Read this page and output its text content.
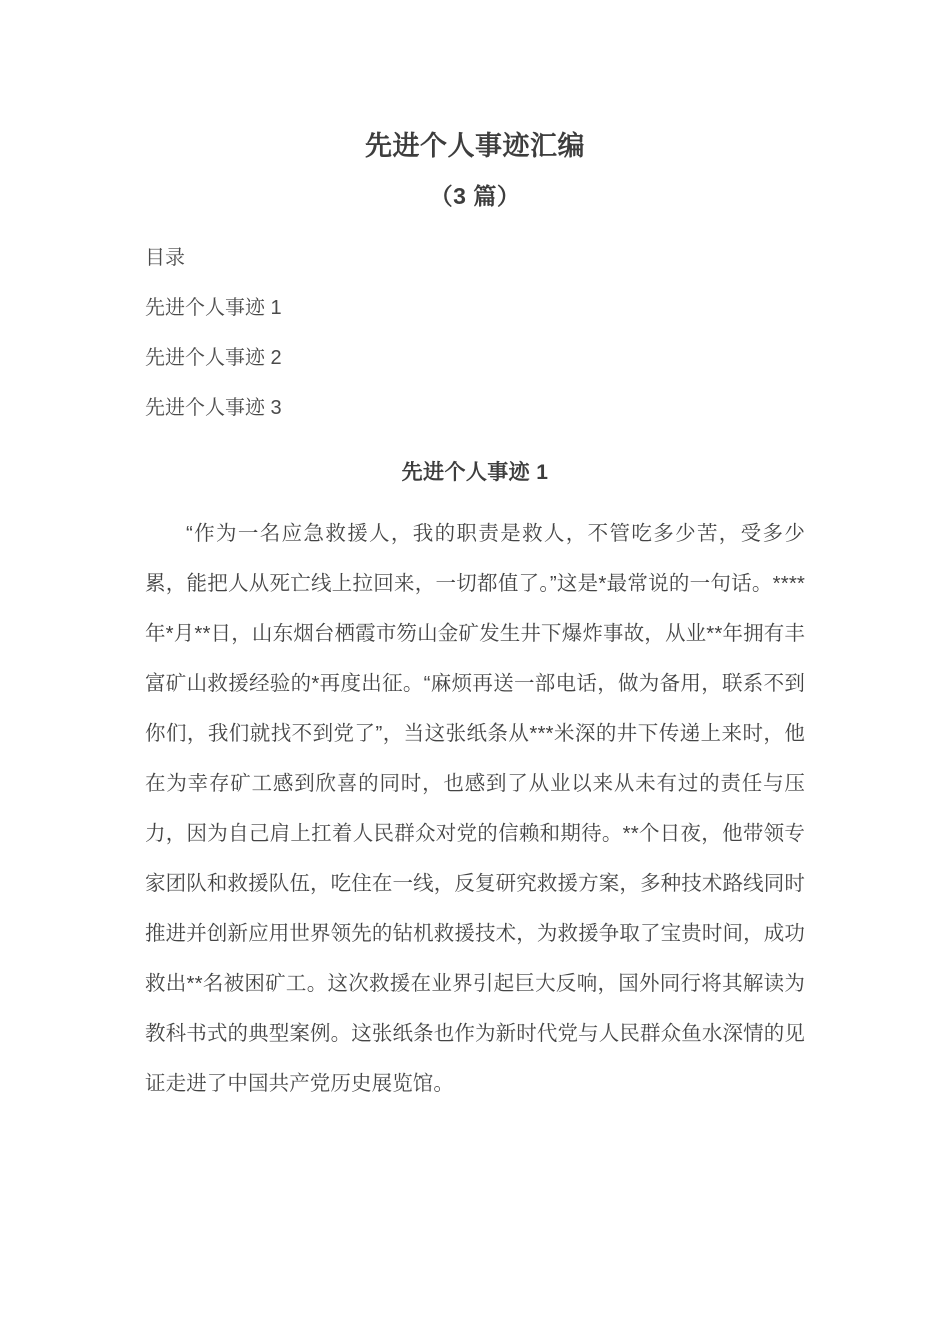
先进个人事迹汇编
（3 篇）
目录
先进个人事迹 1
先进个人事迹 2
先进个人事迹 3
先进个人事迹 1

“作为一名应急救援人，我的职责是救人，不管吃多少苦，受多少累，能把人从死亡线上拉回来，一切都值了。”这是*最常说的一句话。****年*月**日，山东烟台栖霞市笏山金矿发生井下爆炸事故，从业**年拥有丰富矿山救援经验的*再度出征。“麻烦再送一部电话，做为备用，联系不到你们，我们就找不到党了”，当这张纸条从***米深的井下传递上来时，他在为幸存矿工感到欣喜的同时，也感到了从业以来从未有过的责任与压力，因为自己肩上扛着人民群众对党的信赖和期待。**个日夜，他带领专家团队和救援队伍，吃住在一线，反复研究救援方案，多种技术路线同时推进并创新应用世界领先的钻机救援技术，为救援争取了宝贵时间，成功救出**名被困矿工。这次救援在业界引起巨大反响，国外同行将其解读为教科书式的典型案例。这张纸条也作为新时代党与人民群众鱼水深情的见证走进了中国共产党历史展览馆。
